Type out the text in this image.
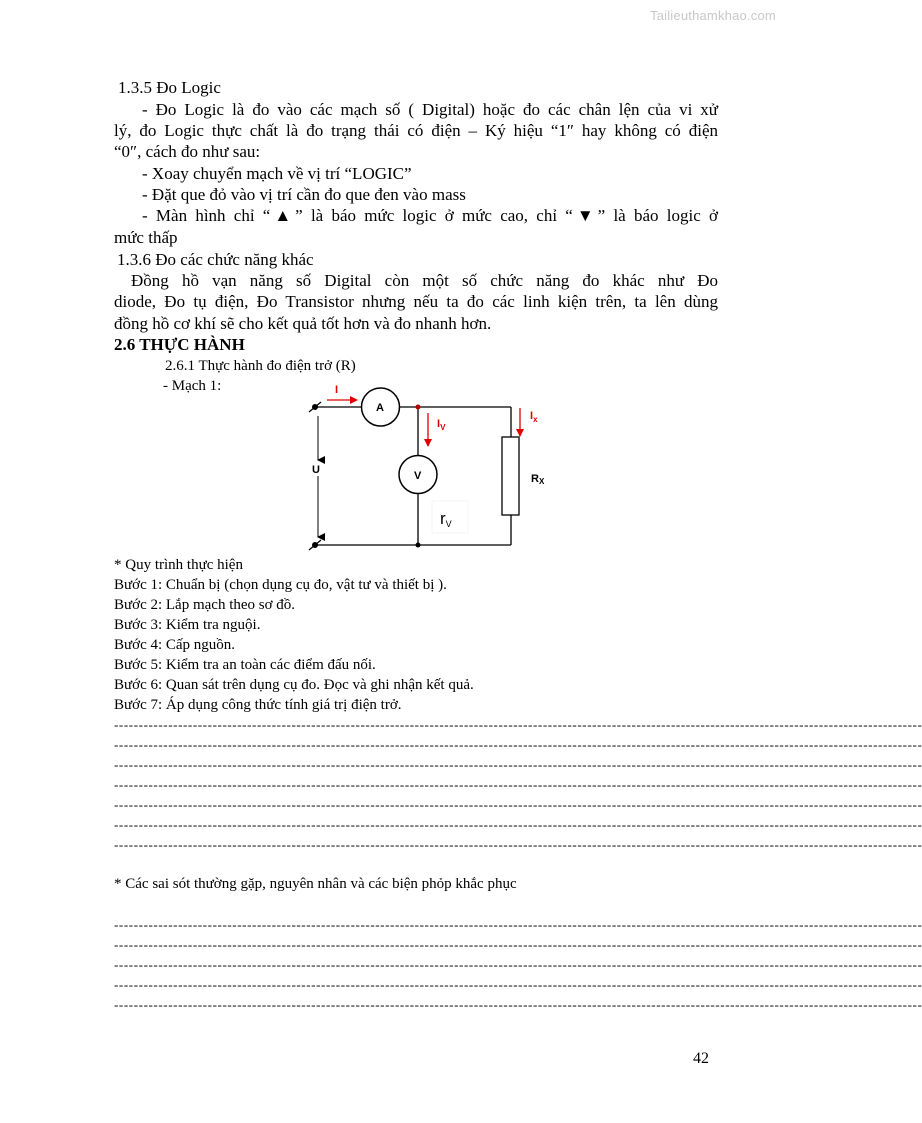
Tailieuthamkhao.com
1.3.5 Đo Logic
- Đo Logic là đo vào các mạch số ( Digital) hoặc đo các chân lện của vi xử
lý, đo Logic thực chất là đo trạng thái có điện – Ký hiệu “1″ hay không có điện
“0″, cách đo như sau:
- Xoay chuyển mạch về vị trí “LOGIC”
- Đặt que đỏ vào vị trí cần đo que đen vào mass
- Màn hình chỉ “▲” là báo mức logic ở mức cao, chỉ “▼” là báo logic ở
mức thấp
1.3.6 Đo các chức năng khác
Đồng hồ vạn năng số Digital còn một số chức năng đo khác như Đo
diode, Đo tụ điện, Đo Transistor nhưng nếu ta đo các linh kiện trên, ta lên dùng
đồng hồ cơ khí sẽ cho kết quả tốt hơn và đo nhanh hơn.
2.6 THỰC HÀNH
2.6.1 Thực hành đo điện trở (R)
- Mạch 1:
U
A
I
$I_V$
$I_x$
V	RX
rV
* Quy trình thực hiện
Bước 1: Chuẩn bị (chọn dụng cụ đo, vật tư và thiết bị ).
Bước 2: Lắp mạch theo sơ đồ.
Bước 3: Kiểm tra nguội.
Bước 4: Cấp nguồn.
Bước 5: Kiểm tra an toàn các điểm đấu nối.
Bước 6: Quan sát trên dụng cụ đo. Đọc và ghi nhận kết quả.
Bước 7: Áp dụng công thức tính giá trị điện trở.
--------------------------------------------------------------------------------------------------------------------------------------------------------------------
--------------------------------------------------------------------------------------------------------------------------------------------------------------------
--------------------------------------------------------------------------------------------------------------------------------------------------------------------
--------------------------------------------------------------------------------------------------------------------------------------------------------------------
--------------------------------------------------------------------------------------------------------------------------------------------------------------------
--------------------------------------------------------------------------------------------------------------------------------------------------------------------
--------------------------------------------------------------------------------------------------------------------------------------------------------------------
* Các sai sót thường gặp, nguyên nhân và các biện phỏp khắc phục
--------------------------------------------------------------------------------------------------------------------------------------------------------------------
--------------------------------------------------------------------------------------------------------------------------------------------------------------------
--------------------------------------------------------------------------------------------------------------------------------------------------------------------
--------------------------------------------------------------------------------------------------------------------------------------------------------------------
--------------------------------------------------------------------------------------------------------------------------------------------------------------------
42
